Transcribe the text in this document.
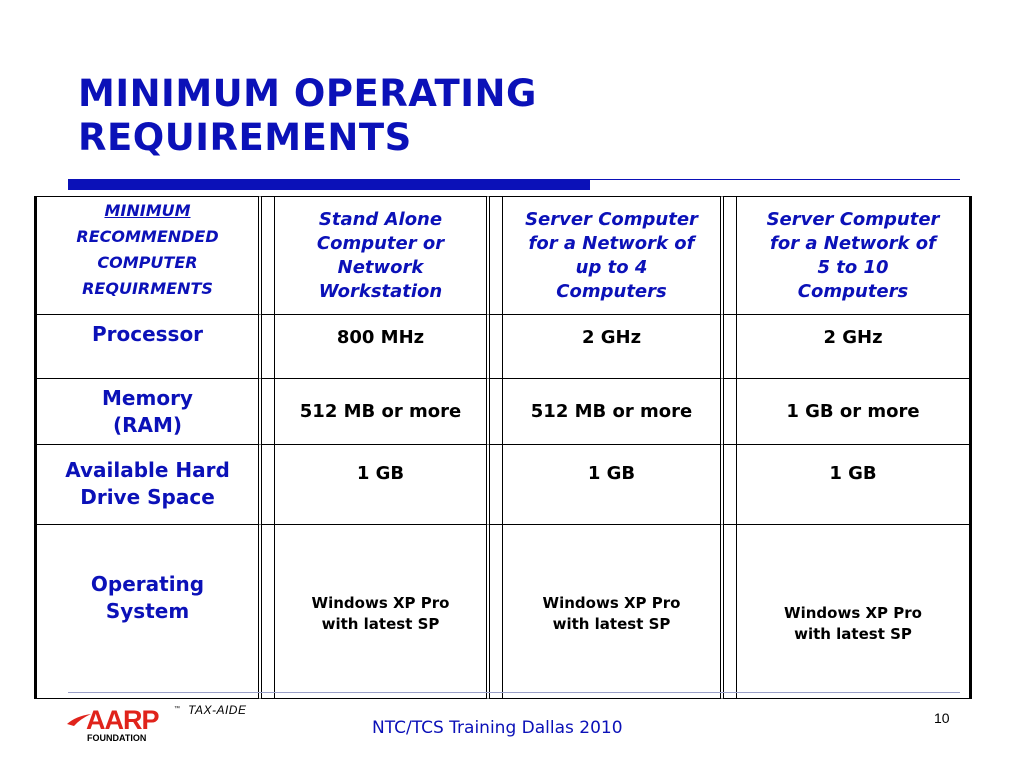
MINIMUM OPERATING
REQUIREMENTS
MINIMUM
RECOMMENDED
COMPUTER
REQUIRMENTS		Stand Alone
Computer or
Network
Workstation		Server Computer
for a Network of
up to 4
Computers		Server Computer
for a Network of
5 to 10
Computers

Processor		800 MHz		2 GHz		2 GHz

Memory
(RAM)		512 MB or more		512 MB or more		1 GB or more

Available Hard
Drive Space		1 GB		1 GB		1 GB

Operating
System		Windows XP Pro
with latest SP		Windows XP Pro
with latest SP		Windows XP Pro
with latest SP
AARP	™ TAX-AIDE
FOUNDATION	NTC/TCS Training Dallas 2010	10
